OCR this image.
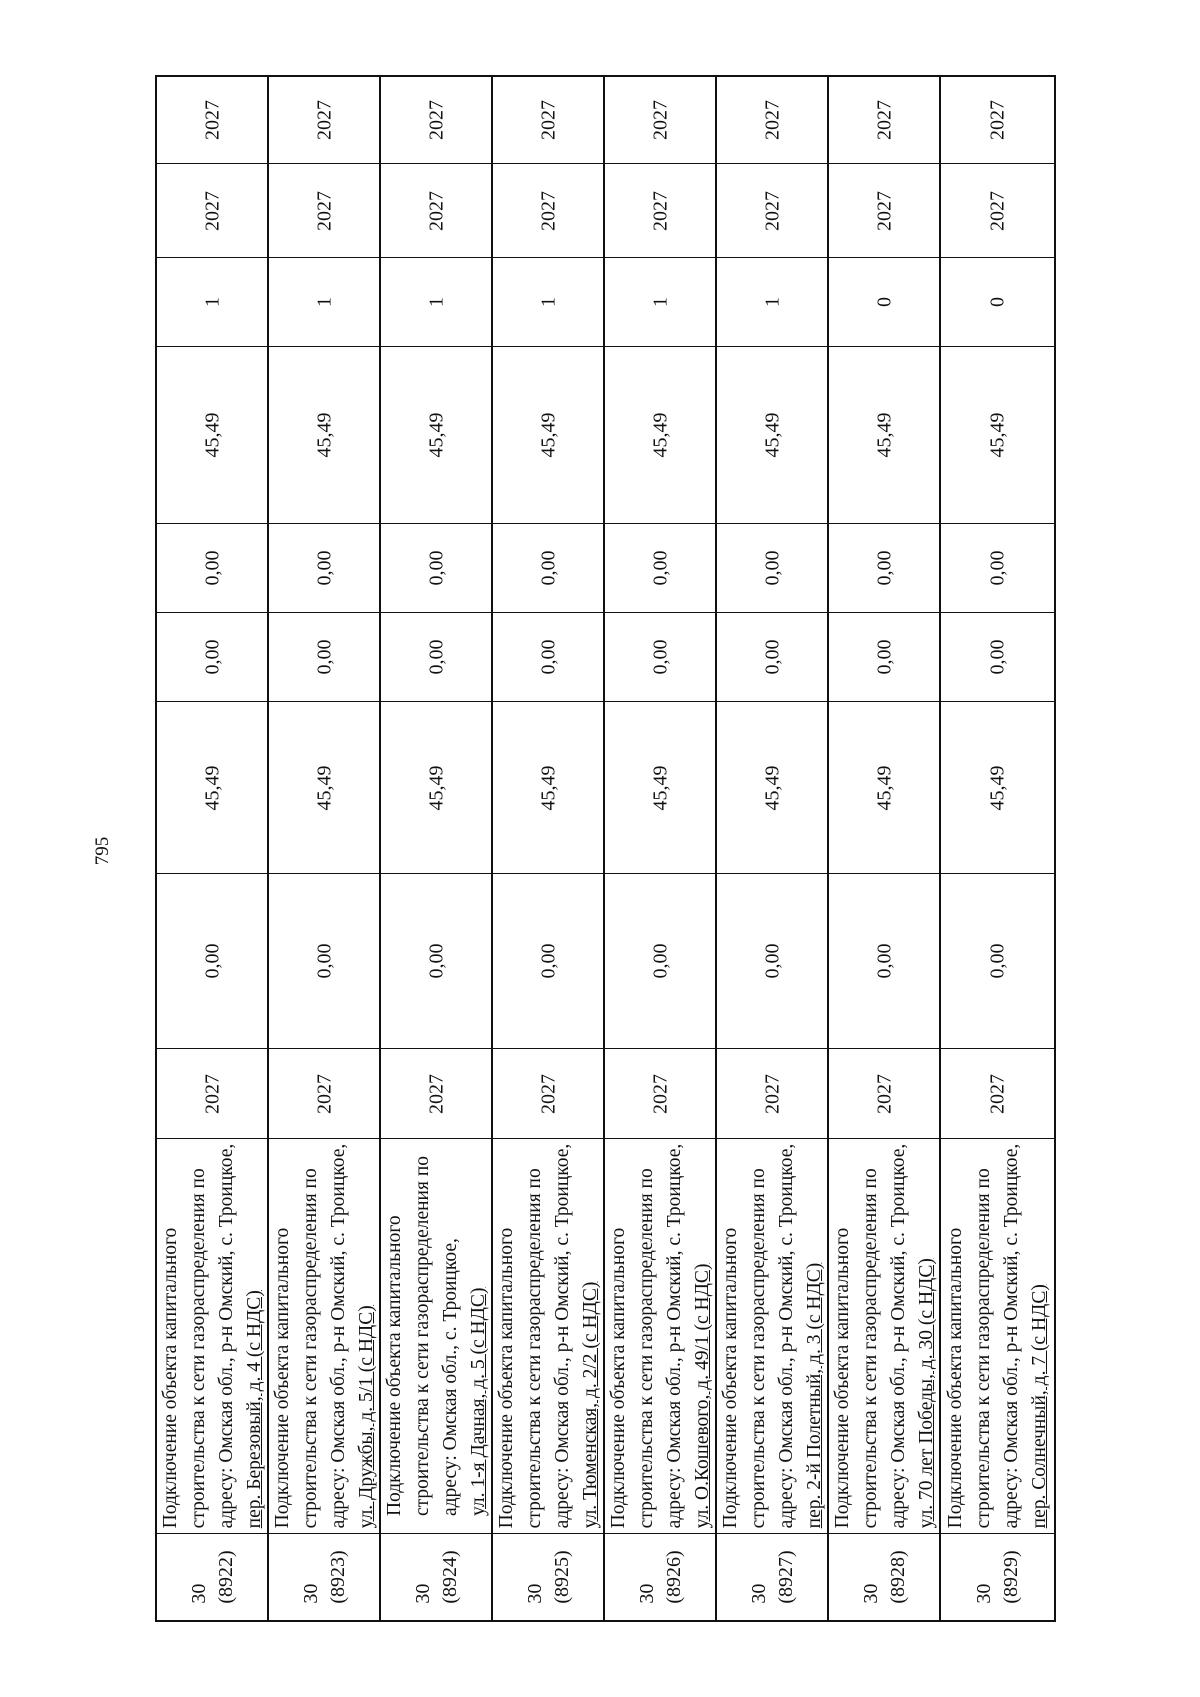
795
2027
2027
1
45,49
0,00
0,00
45,49
0,00
2027
Подключение объекта капитального строительства к сети газораспределения по адресу: Омская обл., р-н Омский, с. Троицкое, пер. Березовый, д. 4 (с НДС)
30 (8922)
2027
2027
1
45,49
0,00
0,00
45,49
0,00
2027
Подключение объекта капитального строительства к сети газораспределения по адресу: Омская обл., р-н Омский, с. Троицкое, ул. Дружбы, д. 5/1 (с НДС)
30 (8923)
2027
2027
1
45,49
0,00
0,00
45,49
0,00
2027
Подключение объекта капитального строительства к сети газораспределения по адресу: Омская обл., с. Троицкое, ул. 1-я Дачная, д. 5 (с НДС)
30 (8924)
2027
2027
1
45,49
0,00
0,00
45,49
0,00
2027
Подключение объекта капитального строительства к сети газораспределения по адресу: Омская обл., р-н Омский, с. Троицкое, ул. Тюменская, д. 2/2 (с НДС)
30 (8925)
2027
2027
1
45,49
0,00
0,00
45,49
0,00
2027
Подключение объекта капитального строительства к сети газораспределения по адресу: Омская обл., р-н Омский, с. Троицкое, ул. О.Кошевого, д. 49/1 (с НДС)
30 (8926)
2027
2027
1
45,49
0,00
0,00
45,49
0,00
2027
Подключение объекта капитального строительства к сети газораспределения по адресу: Омская обл., р-н Омский, с. Троицкое, пер. 2-й Полетный, д. 3 (с НДС)
30 (8927)
2027
2027
0
45,49
0,00
0,00
45,49
0,00
2027
Подключение объекта капитального строительства к сети газораспределения по адресу: Омская обл., р-н Омский, с. Троицкое, ул. 70 лет Победы, д. 30 (с НДС)
30 (8928)
2027
2027
0
45,49
0,00
0,00
45,49
0,00
2027
Подключение объекта капитального строительства к сети газораспределения по адресу: Омская обл., р-н Омский, с. Троицкое, пер. Солнечный, д. 7 (с НДС)
30 (8929)
